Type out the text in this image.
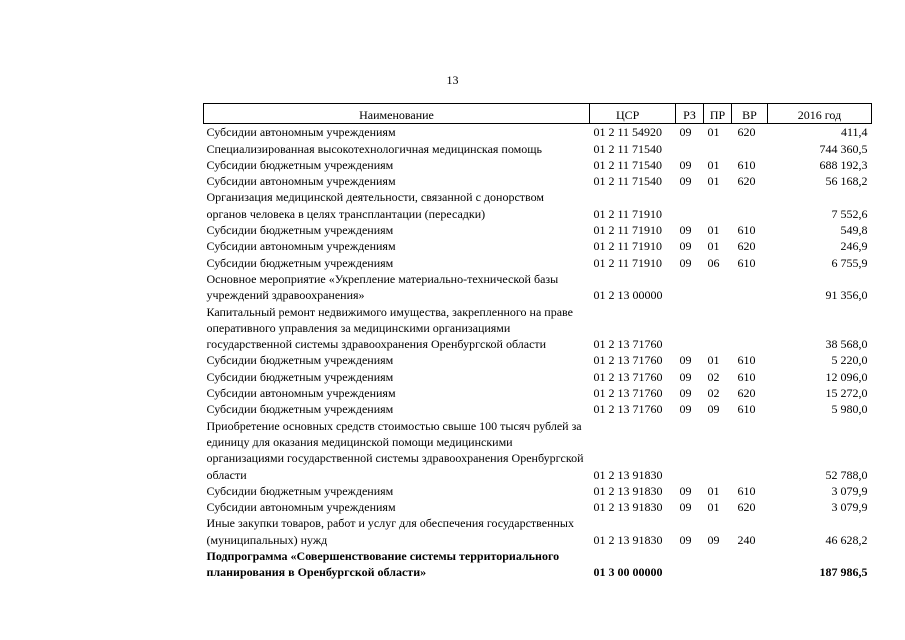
13
Наименование	ЦСР	РЗ	ПР	ВР	2016 год
Субсидии автономным учреждениям	01 2 11 54920	09	01	620	411,4
Специализированная высокотехнологичная медицинская помощь	01 2 11 71540				744 360,5
Субсидии бюджетным учреждениям	01 2 11 71540	09	01	610	688 192,3
Субсидии автономным учреждениям	01 2 11 71540	09	01	620	56 168,2
Организация медицинской деятельности, связанной с донорством органов человека в целях трансплантации (пересадки)	01 2 11 71910				7 552,6
Субсидии бюджетным учреждениям	01 2 11 71910	09	01	610	549,8
Субсидии автономным учреждениям	01 2 11 71910	09	01	620	246,9
Субсидии бюджетным учреждениям	01 2 11 71910	09	06	610	6 755,9
Основное мероприятие «Укрепление материально-технической базы учреждений здравоохранения»	01 2 13 00000				91 356,0
Капитальный ремонт недвижимого имущества, закрепленного на праве оперативного управления за медицинскими организациями государственной системы здравоохранения Оренбургской области	01 2 13 71760				38 568,0
Субсидии бюджетным учреждениям	01 2 13 71760	09	01	610	5 220,0
Субсидии бюджетным учреждениям	01 2 13 71760	09	02	610	12 096,0
Субсидии автономным учреждениям	01 2 13 71760	09	02	620	15 272,0
Субсидии бюджетным учреждениям	01 2 13 71760	09	09	610	5 980,0
Приобретение основных средств стоимостью свыше 100 тысяч рублей за единицу для оказания медицинской помощи медицинскими организациями государственной системы здравоохранения Оренбургской области	01 2 13 91830				52 788,0
Субсидии бюджетным учреждениям	01 2 13 91830	09	01	610	3 079,9
Субсидии автономным учреждениям	01 2 13 91830	09	01	620	3 079,9
Иные закупки товаров, работ и услуг для обеспечения государственных (муниципальных) нужд	01 2 13 91830	09	09	240	46 628,2
Подпрограмма «Совершенствование системы территориального планирования в Оренбургской области»	01 3 00 00000				187 986,5
